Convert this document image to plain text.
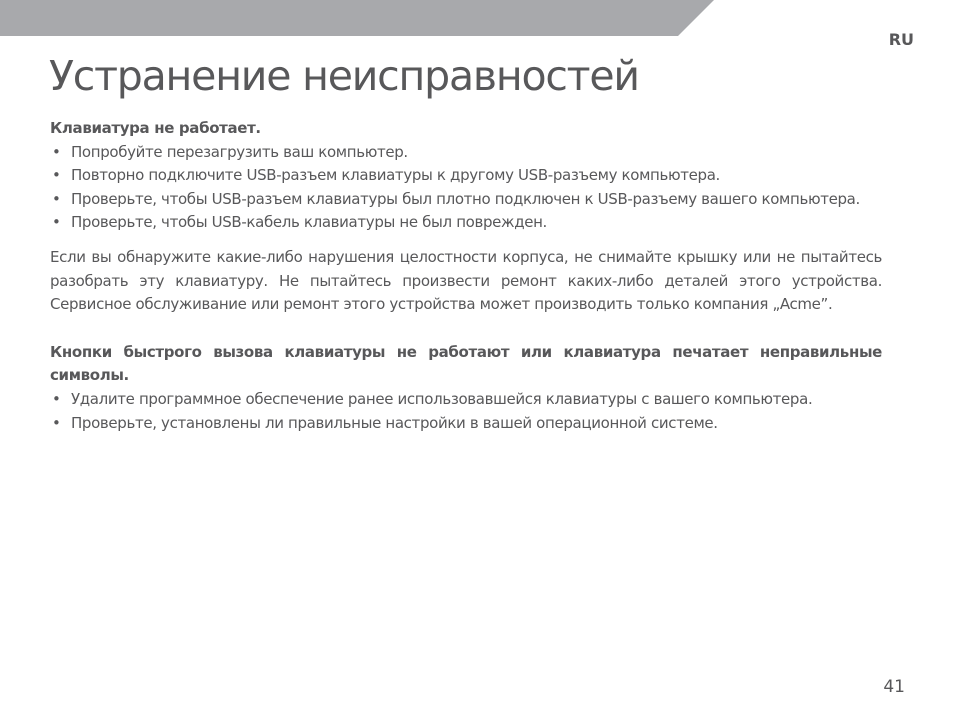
RU
Устранение неисправностей

Клавиатура не работает.

• Попробуйте перезагрузить ваш компьютер.
• Повторно подключите USB-разъем клавиатуры к другому USB-разъему компьютера.
• Проверьте, чтобы USB-разъем клавиатуры был плотно подключен к USB-разъему вашего компьютера.
• Проверьте, чтобы USB-кабель клавиатуры не был поврежден.

Если вы обнаружите какие-либо нарушения целостности корпуса, не снимайте крышку или не пытайтесь разобрать эту клавиатуру. Не пытайтесь произвести ремонт каких-либо деталей этого устройства. Сервисное обслуживание или ремонт этого устройства может производить только компания „Acme”.

Кнопки быстрого вызова клавиатуры не работают или клавиатура печатает неправильные символы.

• Удалите программное обеспечение ранее использовавшейся клавиатуры с вашего компьютера.
• Проверьте, установлены ли правильные настройки в вашей операционной системе.
41
